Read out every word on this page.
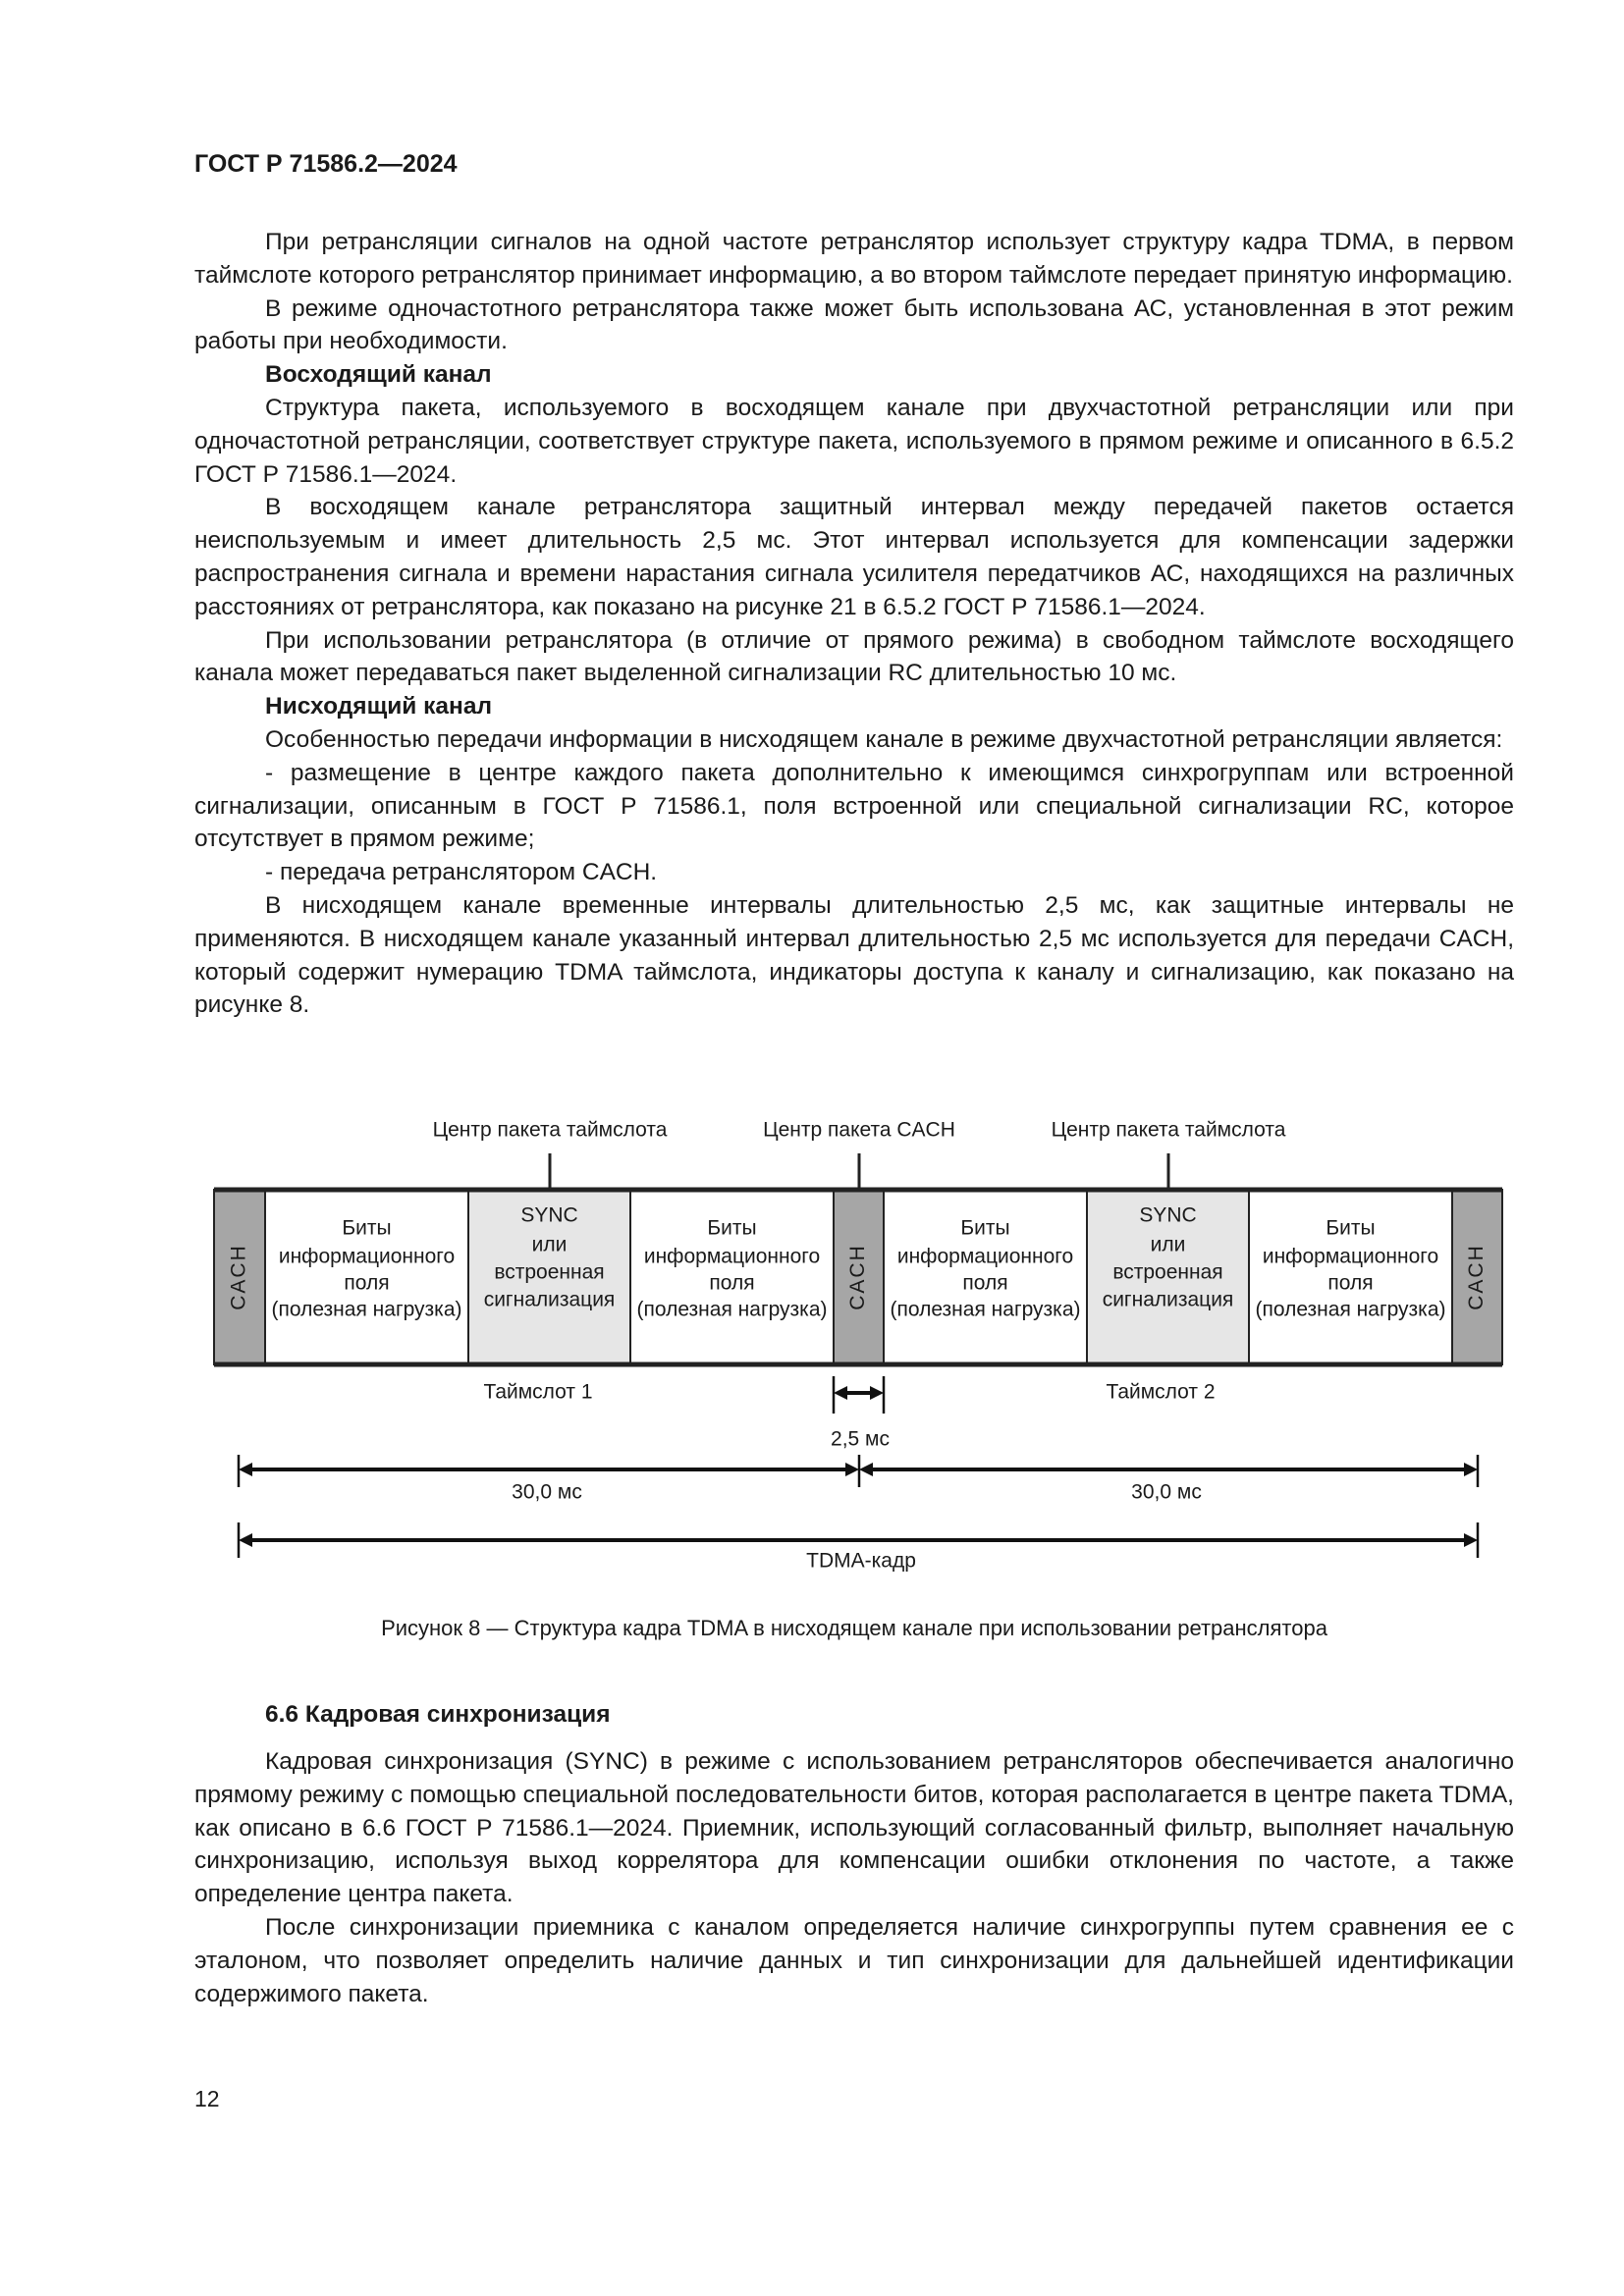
ГОСТ Р 71586.2—2024

При ретрансляции сигналов на одной частоте ретранслятор использует структуру кадра TDMA, в первом таймслоте которого ретранслятор принимает информацию, а во втором таймслоте передает принятую информацию.

В режиме одночастотного ретранслятора также может быть использована АС, установленная в этот режим работы при необходимости.

Восходящий канал

Структура пакета, используемого в восходящем канале при двухчастотной ретрансляции или при одночастотной ретрансляции, соответствует структуре пакета, используемого в прямом режиме и описанного в 6.5.2 ГОСТ Р 71586.1—2024.

В восходящем канале ретранслятора защитный интервал между передачей пакетов остается неиспользуемым и имеет длительность 2,5 мс. Этот интервал используется для компенсации задержки распространения сигнала и времени нарастания сигнала усилителя передатчиков АС, находящихся на различных расстояниях от ретранслятора, как показано на рисунке 21 в 6.5.2 ГОСТ Р 71586.1—2024.

При использовании ретранслятора (в отличие от прямого режима) в свободном таймслоте восходящего канала может передаваться пакет выделенной сигнализации RC длительностью 10 мс.

Нисходящий канал

Особенностью передачи информации в нисходящем канале в режиме двухчастотной ретрансляции является:

- размещение в центре каждого пакета дополнительно к имеющимся синхрогруппам или встроенной сигнализации, описанным в ГОСТ Р 71586.1, поля встроенной или специальной сигнализации RC, которое отсутствует в прямом режиме;

- передача ретранслятором CACH.

В нисходящем канале временные интервалы длительностью 2,5 мс, как защитные интервалы не применяются. В нисходящем канале указанный интервал длительностью 2,5 мс используется для передачи CACH, который содержит нумерацию TDMA таймслота, индикаторы доступа к каналу и сигнализацию, как показано на рисунке 8.

CACH
Биты
информационного
поля
(полезная нагрузка)
SYNC
или
встроенная
сигнализация
Биты
информационного
поля
(полезная нагрузка) CACH
Биты
информационного
поля
(полезная нагрузка)
SYNC
или
встроенная
сигнализация
Биты
информационного
поля
(полезная нагрузка) CACH
Центр пакета таймслота	Центр пакета CACH	Центр пакета таймслота
Таймслот 1	Таймслот 2
2,5 мс
30,0 мс	30,0 мс
TDMA-кадр
Рисунок 8 — Структура кадра TDMA в нисходящем канале при использовании ретранслятора
6.6 Кадровая синхронизация

Кадровая синхронизация (SYNC) в режиме с использованием ретрансляторов обеспечивается аналогично прямому режиму с помощью специальной последовательности битов, которая располагается в центре пакета TDMA, как описано в 6.6 ГОСТ Р 71586.1—2024. Приемник, использующий согласованный фильтр, выполняет начальную синхронизацию, используя выход коррелятора для компенсации ошибки отклонения по частоте, а также определение центра пакета.

После синхронизации приемника с каналом определяется наличие синхрогруппы путем сравнения ее с эталоном, что позволяет определить наличие данных и тип синхронизации для дальнейшей идентификации содержимого пакета.

12
